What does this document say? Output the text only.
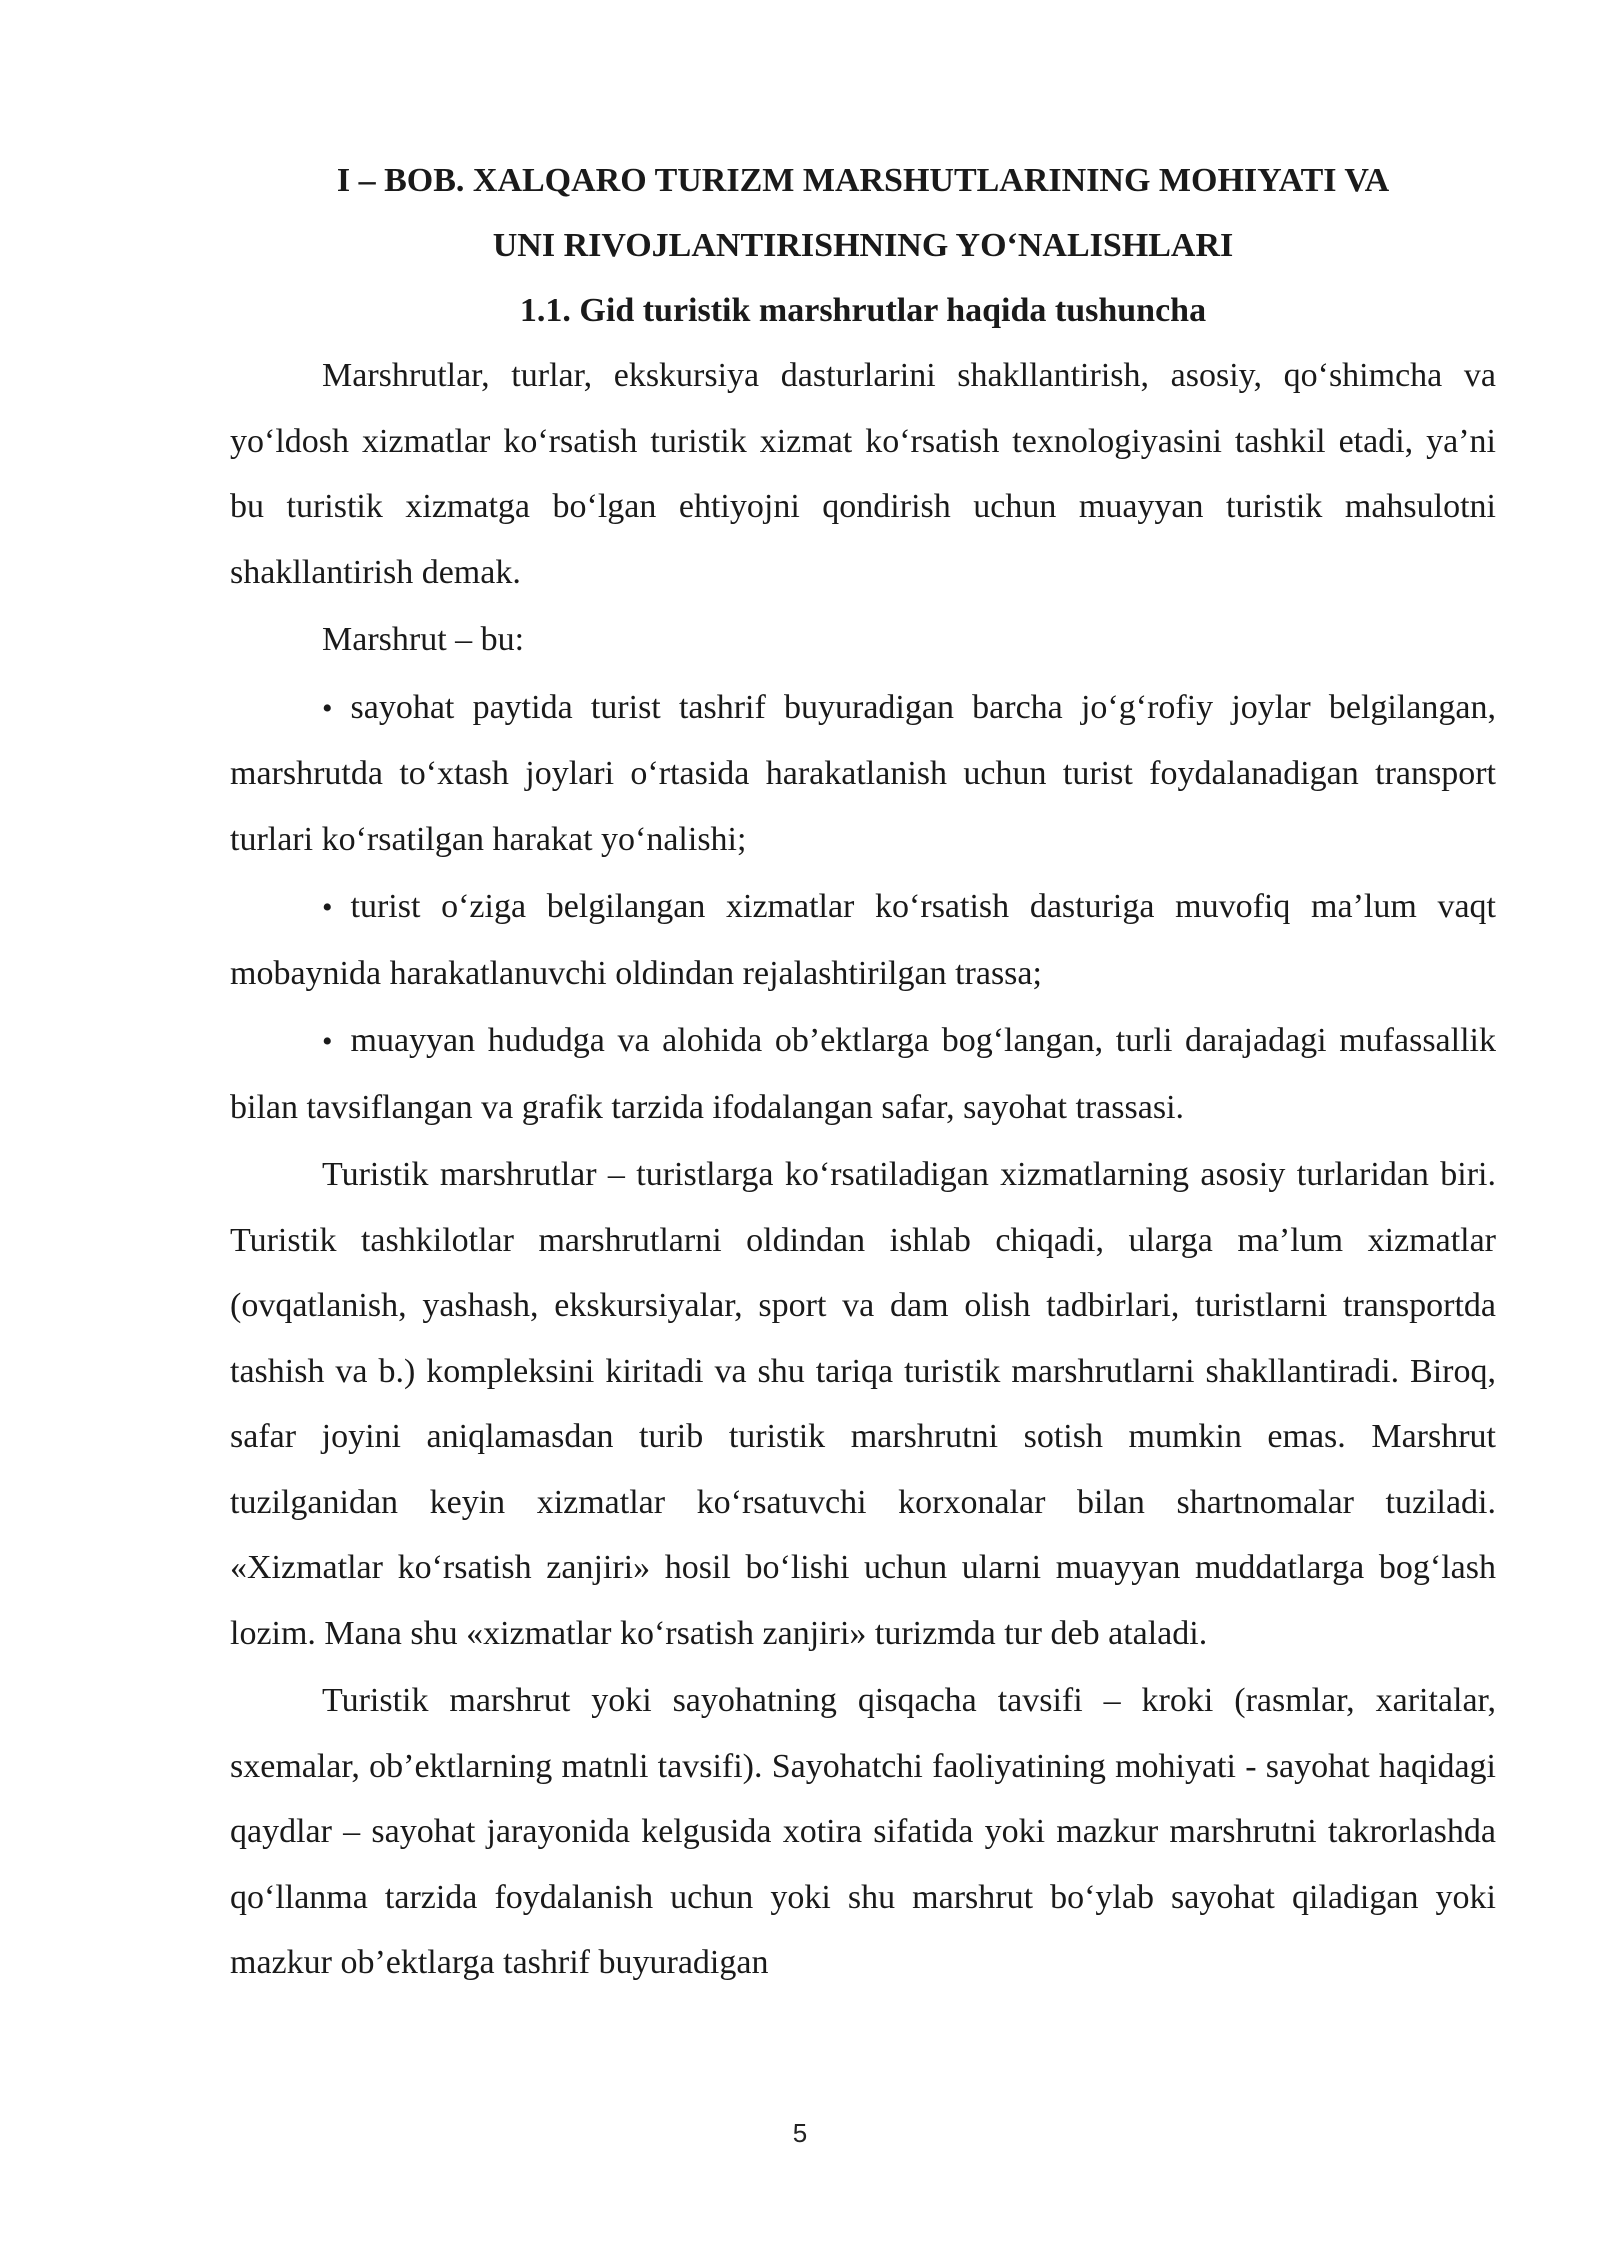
I – BOB. XALQARO TURIZM MARSHUTLARINING MOHIYATI VA

UNI RIVOJLANTIRISHNING YO‘NALISHLARI

1.1. Gid turistik marshrutlar haqida tushuncha

Marshrutlar, turlar, ekskursiya dasturlarini shakllantirish, asosiy, qo‘shimcha va yo‘ldosh xizmatlar ko‘rsatish turistik xizmat ko‘rsatish texnologiyasini tashkil etadi, ya’ni bu turistik xizmatga bo‘lgan ehtiyojni qondirish uchun muayyan turistik mahsulotni shakllantirish demak.

Marshrut – bu:

• sayohat paytida turist tashrif buyuradigan barcha jo‘g‘rofiy joylar belgilangan, marshrutda to‘xtash joylari o‘rtasida harakatlanish uchun turist foydalanadigan transport turlari ko‘rsatilgan harakat yo‘nalishi;

• turist o‘ziga belgilangan xizmatlar ko‘rsatish dasturiga muvofiq ma’lum vaqt mobaynida harakatlanuvchi oldindan rejalashtirilgan trassa;

• muayyan hududga va alohida ob’ektlarga bog‘langan, turli darajadagi mufassallik bilan tavsiflangan va grafik tarzida ifodalangan safar, sayohat trassasi.

Turistik marshrutlar – turistlarga ko‘rsatiladigan xizmatlarning asosiy turlaridan biri. Turistik tashkilotlar marshrutlarni oldindan ishlab chiqadi, ularga ma’lum xizmatlar (ovqatlanish, yashash, ekskursiyalar, sport va dam olish tadbirlari, turistlarni transportda tashish va b.) kompleksini kiritadi va shu tariqa turistik marshrutlarni shakllantiradi. Biroq, safar joyini aniqlamasdan turib turistik marshrutni sotish mumkin emas. Marshrut tuzilganidan keyin xizmatlar ko‘rsatuvchi korxonalar bilan shartnomalar tuziladi. «Xizmatlar ko‘rsatish zanjiri» hosil bo‘lishi uchun ularni muayyan muddatlarga bog‘lash lozim. Mana shu «xizmatlar ko‘rsatish zanjiri» turizmda tur deb ataladi.

Turistik marshrut yoki sayohatning qisqacha tavsifi – kroki (rasmlar, xaritalar, sxemalar, ob’ektlarning matnli tavsifi). Sayohatchi faoliyatining mohiyati - sayohat haqidagi qaydlar – sayohat jarayonida kelgusida xotira sifatida yoki mazkur marshrutni takrorlashda qo‘llanma tarzida foydalanish uchun yoki shu marshrut bo‘ylab sayohat qiladigan yoki mazkur ob’ektlarga tashrif buyuradigan

5
